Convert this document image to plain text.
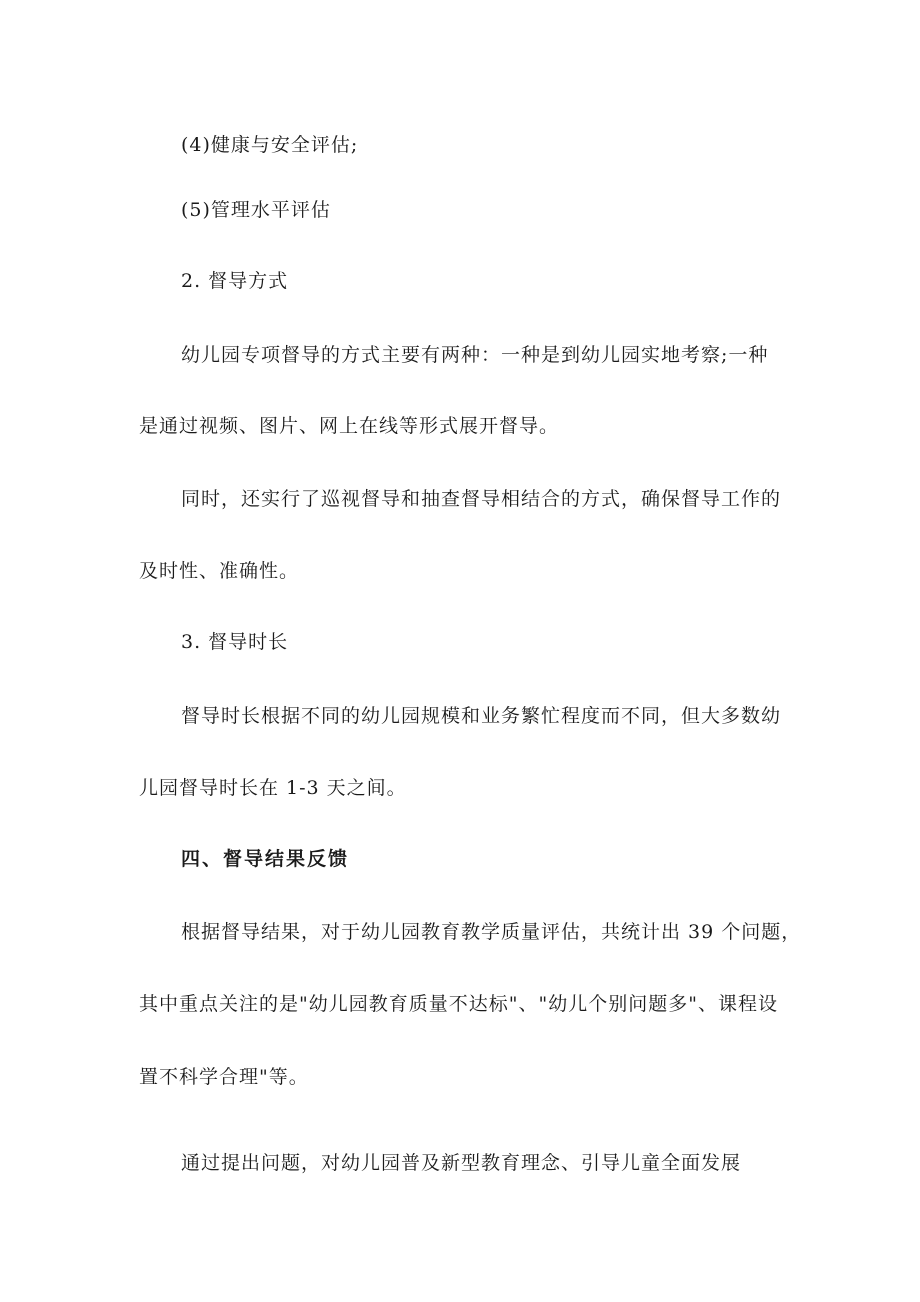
(4)健康与安全评估;
(5)管理水平评估
2. 督导方式
幼儿园专项督导的方式主要有两种：一种是到幼儿园实地考察;一种
是通过视频、图片、网上在线等形式展开督导。
同时，还实行了巡视督导和抽查督导相结合的方式，确保督导工作的
及时性、准确性。
3. 督导时长
督导时长根据不同的幼儿园规模和业务繁忙程度而不同，但大多数幼
儿园督导时长在 1-3 天之间。
四、督导结果反馈
根据督导结果，对于幼儿园教育教学质量评估，共统计出 39 个问题，
其中重点关注的是"幼儿园教育质量不达标"、"幼儿个别问题多"、课程设
置不科学合理"等。
通过提出问题，对幼儿园普及新型教育理念、引导儿童全面发展
